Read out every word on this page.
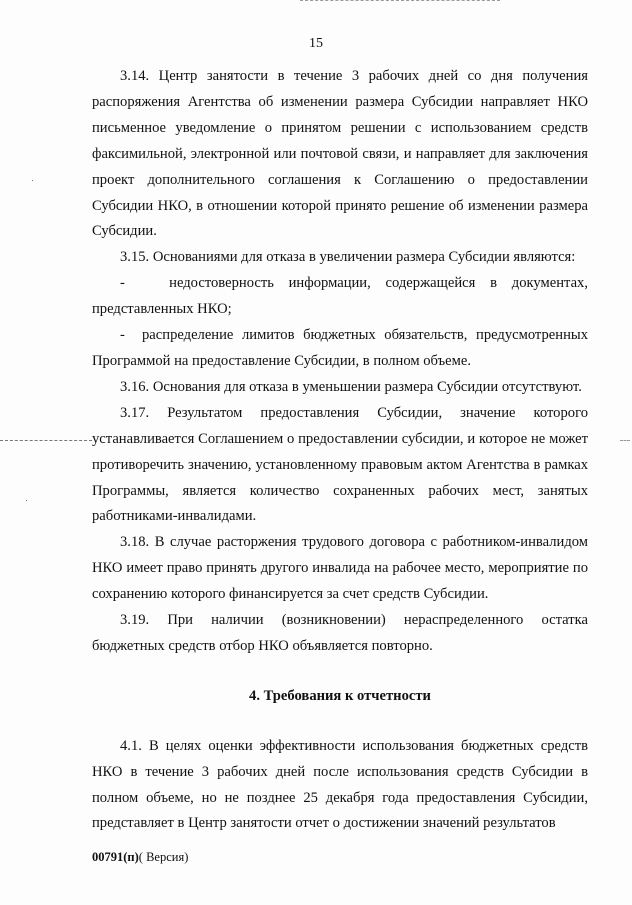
15

3.14. Центр занятости в течение 3 рабочих дней со дня получения распоряжения Агентства об изменении размера Субсидии направляет НКО письменное уведомление о принятом решении с использованием средств факсимильной, электронной или почтовой связи, и направляет для заключения проект дополнительного соглашения к Соглашению о предоставлении Субсидии НКО, в отношении которой принято решение об изменении размера Субсидии.

3.15. Основаниями для отказа в увеличении размера Субсидии являются:

-   недостоверность информации, содержащейся в документах, представленных НКО;

-  распределение лимитов бюджетных обязательств, предусмотренных Программой на предоставление Субсидии, в полном объеме.

3.16. Основания для отказа в уменьшении размера Субсидии отсутствуют.

3.17. Результатом предоставления Субсидии, значение которого устанавливается Соглашением о предоставлении субсидии, и которое не может противоречить значению, установленному правовым актом Агентства в рамках Программы, является количество сохраненных рабочих мест, занятых работниками-инвалидами.

3.18. В случае расторжения трудового договора с работником-инвалидом НКО имеет право принять другого инвалида на рабочее место, мероприятие по сохранению которого финансируется за счет средств Субсидии.

3.19. При наличии (возникновении) нераспределенного остатка бюджетных средств отбор НКО объявляется повторно.

4. Требования к отчетности

4.1. В целях оценки эффективности использования бюджетных средств НКО в течение 3 рабочих дней после использования средств Субсидии в полном объеме, но не позднее 25 декабря года предоставления Субсидии, представляет в Центр занятости отчет о достижении значений результатов

00791(п)( Версия)
